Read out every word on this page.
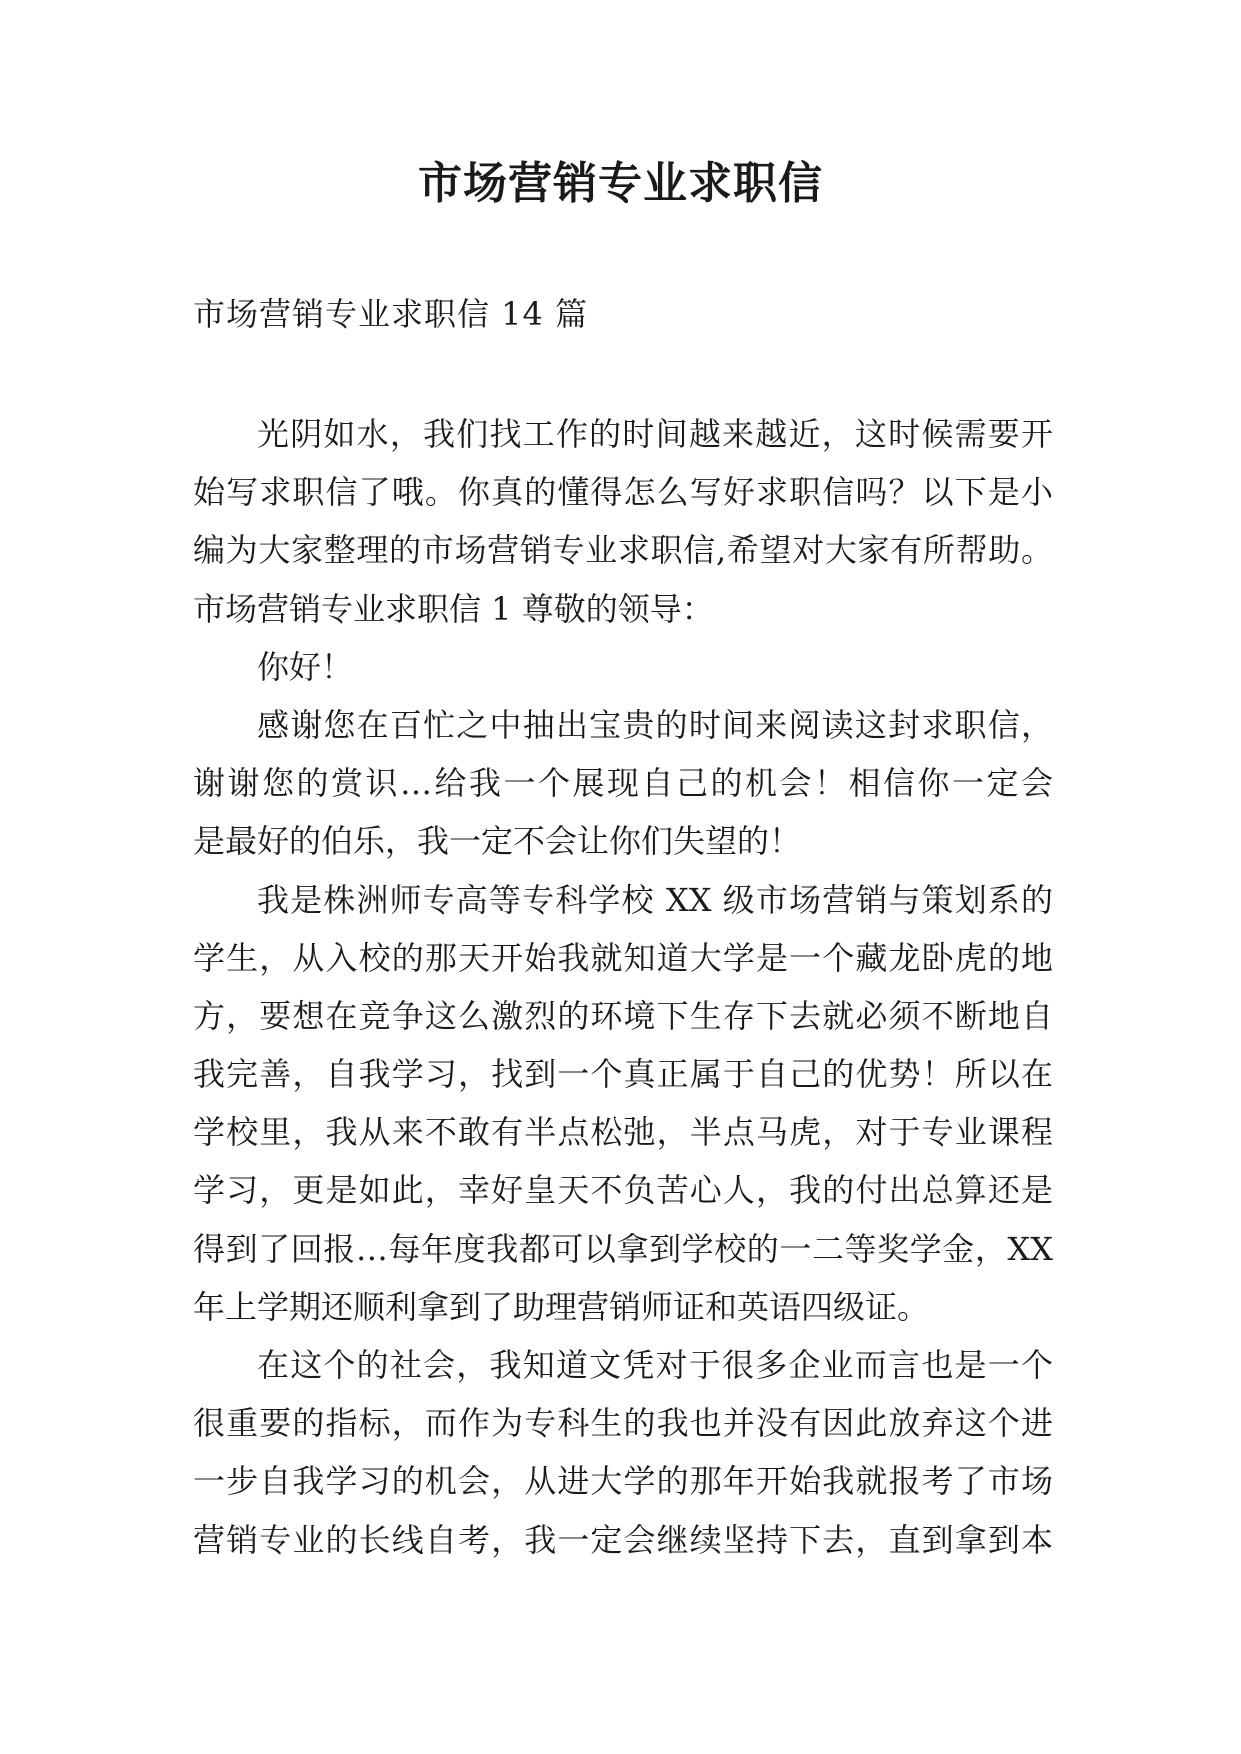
市场营销专业求职信

市场营销专业求职信 14 篇

光阴如水，我们找工作的时间越来越近，这时候需要开
始写求职信了哦。你真的懂得怎么写好求职信吗？以下是小
编为大家整理的市场营销专业求职信,希望对大家有所帮助。
市场营销专业求职信 1 尊敬的领导：
你好！
感谢您在百忙之中抽出宝贵的时间来阅读这封求职信，
谢谢您的赏识…给我一个展现自己的机会！相信你一定会
是最好的伯乐，我一定不会让你们失望的！
我是株洲师专高等专科学校 XX 级市场营销与策划系的
学生，从入校的那天开始我就知道大学是一个藏龙卧虎的地
方，要想在竞争这么激烈的环境下生存下去就必须不断地自
我完善，自我学习，找到一个真正属于自己的优势！所以在
学校里，我从来不敢有半点松弛，半点马虎，对于专业课程
学习，更是如此，幸好皇天不负苦心人，我的付出总算还是
得到了回报…每年度我都可以拿到学校的一二等奖学金，XX
年上学期还顺利拿到了助理营销师证和英语四级证。
在这个的社会，我知道文凭对于很多企业而言也是一个
很重要的指标，而作为专科生的我也并没有因此放弃这个进
一步自我学习的机会，从进大学的那年开始我就报考了市场
营销专业的长线自考，我一定会继续坚持下去，直到拿到本
